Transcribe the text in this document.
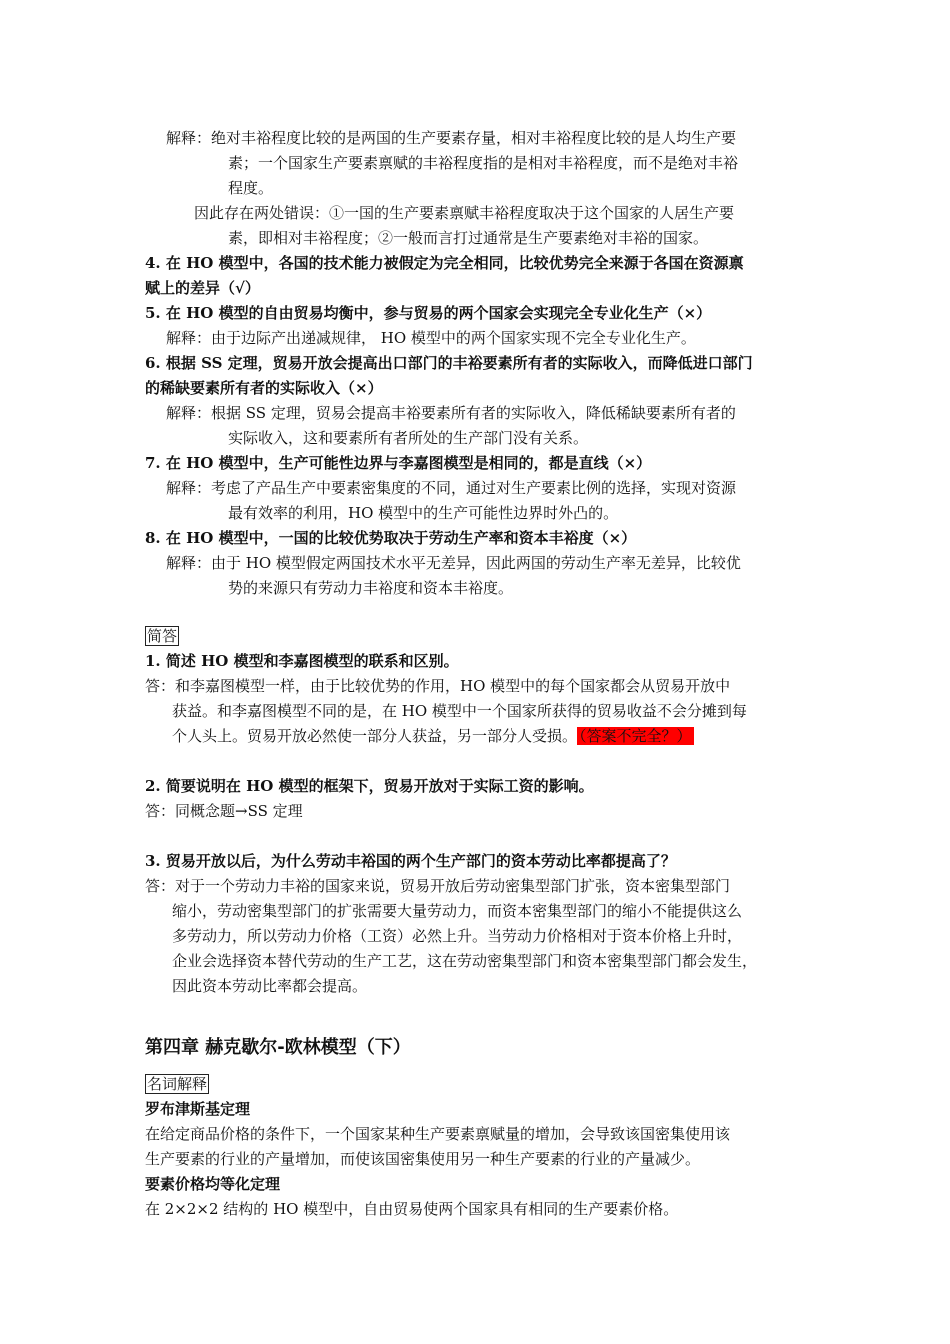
解释：绝对丰裕程度比较的是两国的生产要素存量，相对丰裕程度比较的是人均生产要
素；一个国家生产要素禀赋的丰裕程度指的是相对丰裕程度，而不是绝对丰裕
程度。
因此存在两处错误：①一国的生产要素禀赋丰裕程度取决于这个国家的人居生产要
素，即相对丰裕程度；②一般而言打过通常是生产要素绝对丰裕的国家。
4. 在 HO 模型中，各国的技术能力被假定为完全相同，比较优势完全来源于各国在资源禀
赋上的差异（√）
5. 在 HO 模型的自由贸易均衡中，参与贸易的两个国家会实现完全专业化生产（×）
解释：由于边际产出递减规律， HO 模型中的两个国家实现不完全专业化生产。
6. 根据 SS 定理，贸易开放会提高出口部门的丰裕要素所有者的实际收入，而降低进口部门
的稀缺要素所有者的实际收入（×）
解释：根据 SS 定理，贸易会提高丰裕要素所有者的实际收入，降低稀缺要素所有者的
实际收入，这和要素所有者所处的生产部门没有关系。
7. 在 HO 模型中，生产可能性边界与李嘉图模型是相同的，都是直线（×）
解释：考虑了产品生产中要素密集度的不同，通过对生产要素比例的选择，实现对资源
最有效率的利用，HO 模型中的生产可能性边界时外凸的。
8. 在 HO 模型中，一国的比较优势取决于劳动生产率和资本丰裕度（×）
解释：由于 HO 模型假定两国技术水平无差异，因此两国的劳动生产率无差异，比较优
势的来源只有劳动力丰裕度和资本丰裕度。
简答
1. 简述 HO 模型和李嘉图模型的联系和区别。
答：和李嘉图模型一样，由于比较优势的作用，HO 模型中的每个国家都会从贸易开放中
获益。和李嘉图模型不同的是，在 HO 模型中一个国家所获得的贸易收益不会分摊到每
个人头上。贸易开放必然使一部分人获益，另一部分人受损。 （答案不完全？）
2. 简要说明在 HO 模型的框架下，贸易开放对于实际工资的影响。
答：同概念题→SS 定理
3. 贸易开放以后，为什么劳动丰裕国的两个生产部门的资本劳动比率都提高了？
答：对于一个劳动力丰裕的国家来说，贸易开放后劳动密集型部门扩张，资本密集型部门
缩小，劳动密集型部门的扩张需要大量劳动力，而资本密集型部门的缩小不能提供这么
多劳动力，所以劳动力价格（工资）必然上升。当劳动力价格相对于资本价格上升时，
企业会选择资本替代劳动的生产工艺，这在劳动密集型部门和资本密集型部门都会发生，
因此资本劳动比率都会提高。
第四章 赫克歇尔-欧林模型（下）
名词解释
罗布津斯基定理
在给定商品价格的条件下，一个国家某种生产要素禀赋量的增加，会导致该国密集使用该
生产要素的行业的产量增加，而使该国密集使用另一种生产要素的行业的产量减少。
要素价格均等化定理
在 2×2×2 结构的 HO 模型中，自由贸易使两个国家具有相同的生产要素价格。
